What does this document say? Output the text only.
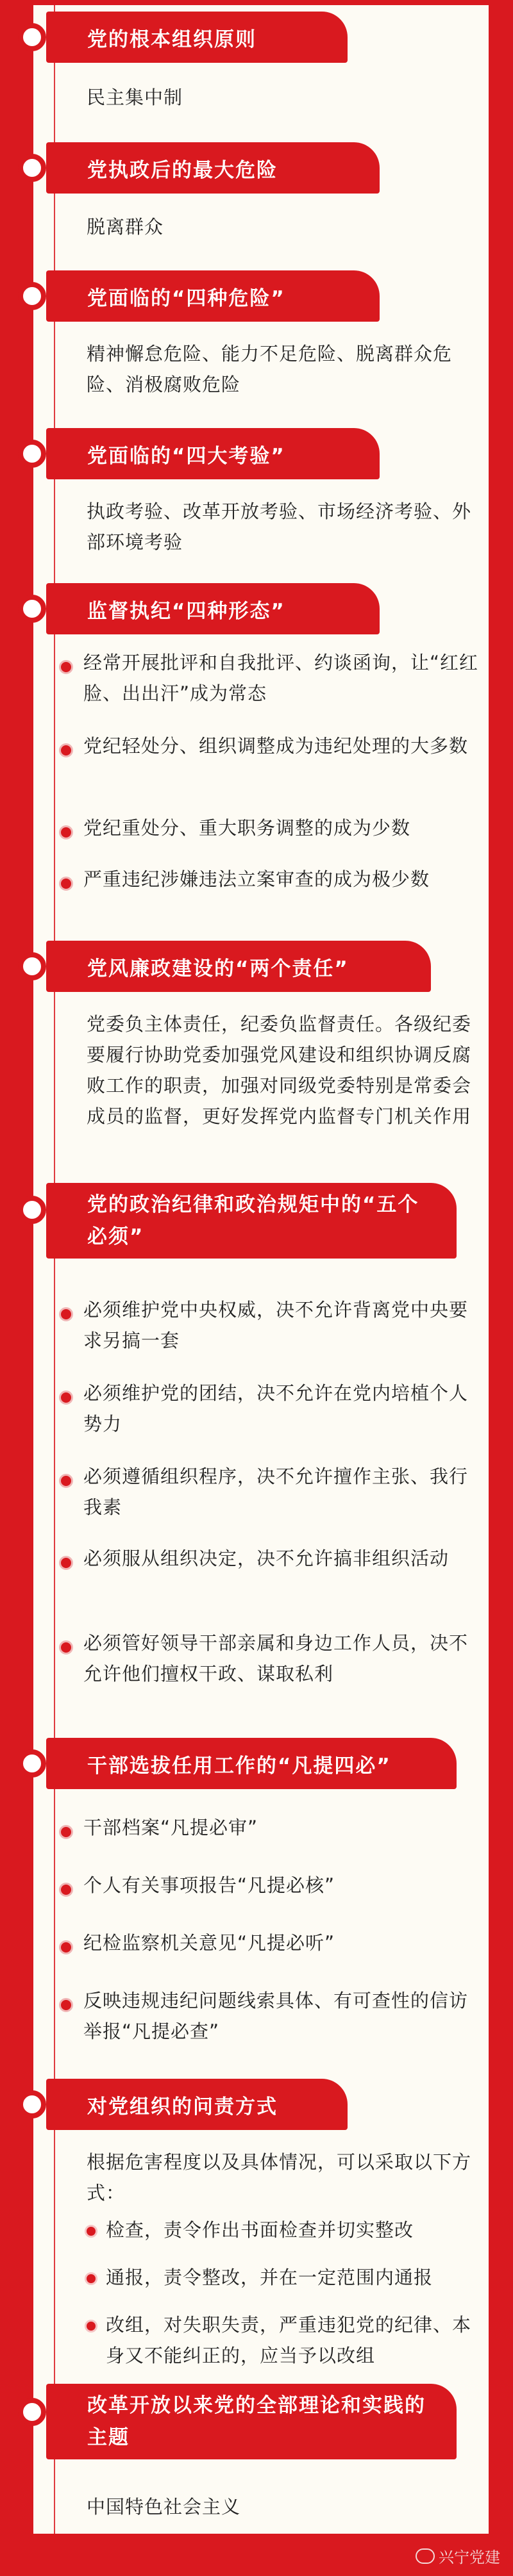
党的根本组织原则
民主集中制
党执政后的最大危险
脱离群众
党面临的“四种危险”
精神懈怠危险、能力不足危险、脱离群众危险、消极腐败危险
党面临的“四大考验”
执政考验、改革开放考验、市场经济考验、外部环境考验
监督执纪“四种形态”
经常开展批评和自我批评、约谈函询，让“红红脸、出出汗”成为常态
党纪轻处分、组织调整成为违纪处理的大多数
党纪重处分、重大职务调整的成为少数
严重违纪涉嫌违法立案审查的成为极少数
党风廉政建设的“两个责任”
党委负主体责任，纪委负监督责任。各级纪委要履行协助党委加强党风建设和组织协调反腐败工作的职责，加强对同级党委特别是常委会成员的监督，更好发挥党内监督专门机关作用
党的政治纪律和政治规矩中的“五个必须”
必须维护党中央权威，决不允许背离党中央要求另搞一套
必须维护党的团结，决不允许在党内培植个人势力
必须遵循组织程序，决不允许擅作主张、我行我素
必须服从组织决定，决不允许搞非组织活动
必须管好领导干部亲属和身边工作人员，决不允许他们擅权干政、谋取私利
干部选拔任用工作的“凡提四必”
干部档案“凡提必审”
个人有关事项报告“凡提必核”
纪检监察机关意见“凡提必听”
反映违规违纪问题线索具体、有可查性的信访举报“凡提必查”
对党组织的问责方式
根据危害程度以及具体情况，可以采取以下方式：
检查，责令作出书面检查并切实整改
通报，责令整改，并在一定范围内通报
改组，对失职失责，严重违犯党的纪律、本身又不能纠正的，应当予以改组
改革开放以来党的全部理论和实践的主题
中国特色社会主义
兴宁党建
